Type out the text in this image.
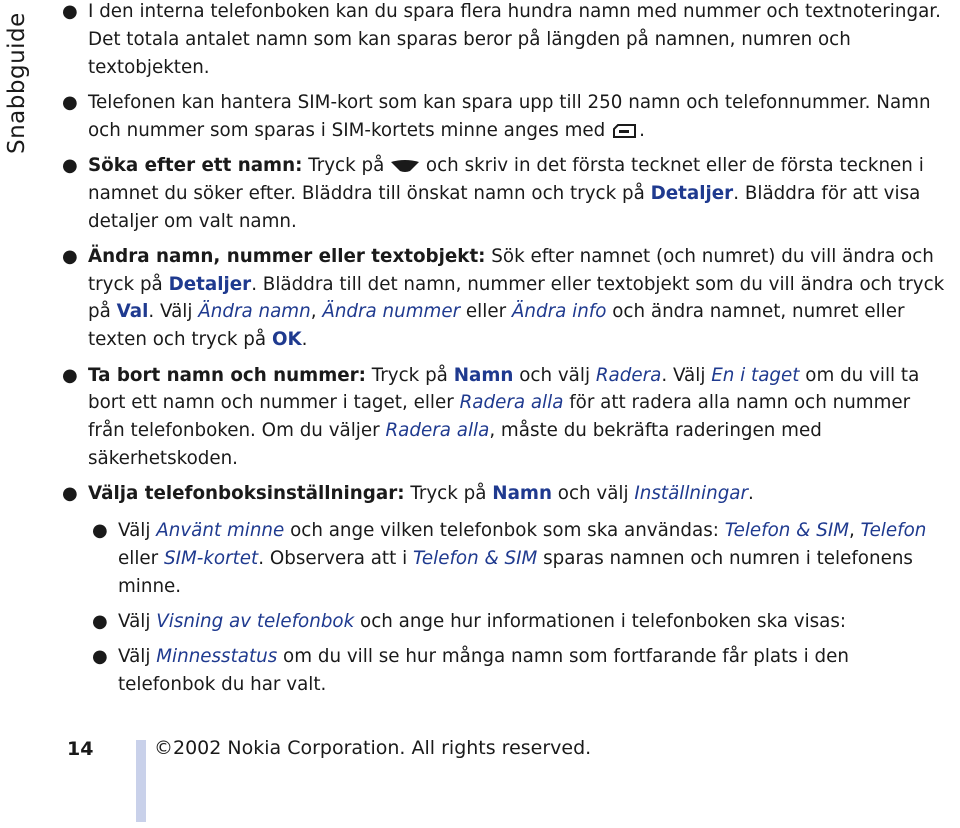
Snabbguide
● I den interna telefonboken kan du spara flera hundra namn med nummer och textnoteringar. Det totala antalet namn som kan sparas beror på längden på namnen, numren och textobjekten.
● Telefonen kan hantera SIM-kort som kan spara upp till 250 namn och telefonnummer. Namn och nummer som sparas i SIM-kortets minne anges med .
● Söka efter ett namn: Tryck på  och skriv in det första tecknet eller de första tecknen i namnet du söker efter. Bläddra till önskat namn och tryck på Detaljer. Bläddra för att visa detaljer om valt namn.
● Ändra namn, nummer eller textobjekt: Sök efter namnet (och numret) du vill ändra och tryck på Detaljer. Bläddra till det namn, nummer eller textobjekt som du vill ändra och tryck på Val. Välj Ändra namn, Ändra nummer eller Ändra info och ändra namnet, numret eller texten och tryck på OK.
● Ta bort namn och nummer: Tryck på Namn och välj Radera. Välj En i taget om du vill ta bort ett namn och nummer i taget, eller Radera alla för att radera alla namn och nummer från telefonboken. Om du väljer Radera alla, måste du bekräfta raderingen med säkerhetskoden.
● Välja telefonboksinställningar: Tryck på Namn och välj Inställningar.
● Välj Använt minne och ange vilken telefonbok som ska användas: Telefon & SIM, Telefon eller SIM-kortet. Observera att i Telefon & SIM sparas namnen och numren i telefonens minne.
● Välj Visning av telefonbok och ange hur informationen i telefonboken ska visas:
● Välj Minnesstatus om du vill se hur många namn som fortfarande får plats i den telefonbok du har valt.
14	©2002 Nokia Corporation. All rights reserved.
